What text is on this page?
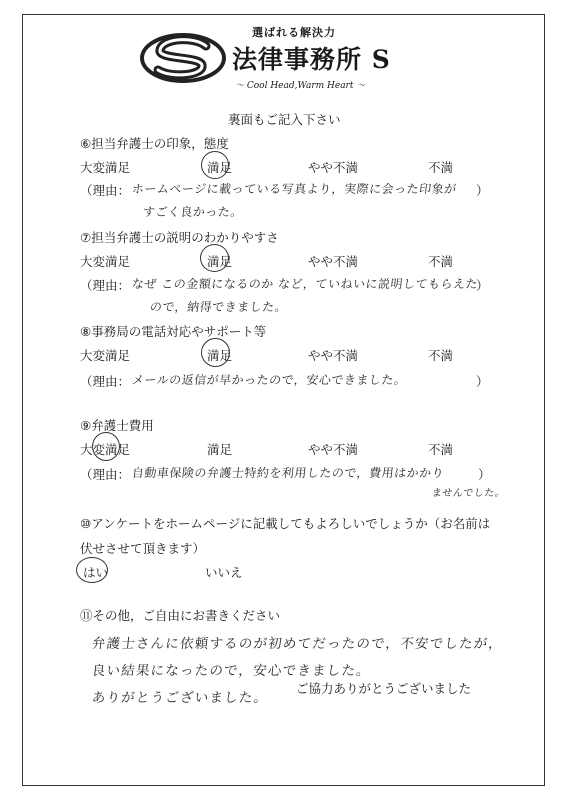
選ばれる解決力
法律事務所 S
～ Cool Head,Warm Heart ～
裏面もご記入下さい
⑥担当弁護士の印象，態度
大変満足	満足	やや不満	不満
（理由： ホームページに載っている写真より，実際に会った印象が ）
すごく良かった。
⑦担当弁護士の説明のわかりやすさ
大変満足	満足	やや不満	不満
（理由： なぜ この金額になるのか など，ていねいに説明してもらえた
）
ので，納得できました。
⑧事務局の電話対応やサポート等
大変満足	満足	やや不満	不満
（理由： メールの返信が早かったので，安心できました。	）
⑨弁護士費用
大変満足	満足	やや不満	不満
（理由： 自動車保険の弁護士特約を利用したので，費用はかかり	）
ませんでした。
⑩アンケートをホームページに記載してもよろしいでしょうか（お名前は
伏せさせて頂きます）
はい	いいえ
⑪その他，ご自由にお書きください
弁護士さんに依頼するのが初めてだったので，不安でしたが，
良い結果になったので，安心できました。
ありがとうございました。
ご協力ありがとうございました
